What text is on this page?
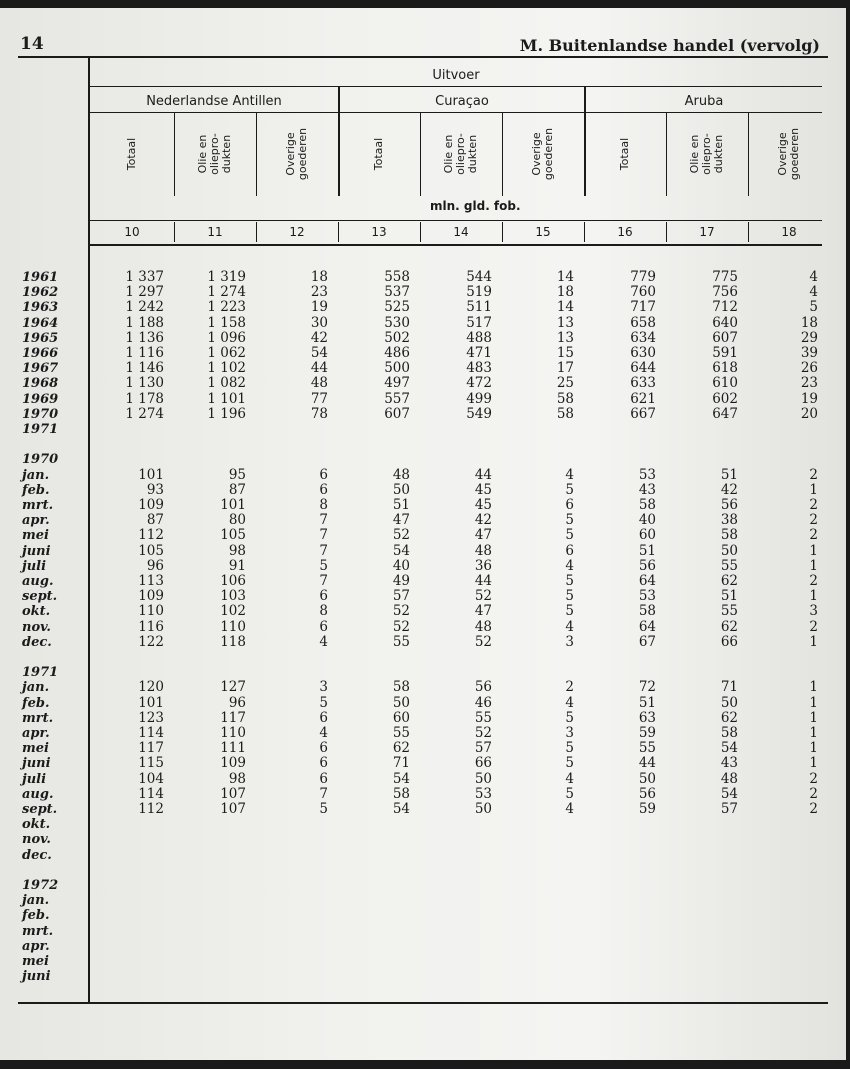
14	M. Buitenlandse handel (vervolg)
Uitvoer
Nederlandse Antillen	Curaçao	Aruba
Totaal	Olie en oliepro-dukten	Overige goederen	Totaal	Olie en oliepro-dukten	Overige goederen	Totaal	Olie en oliepro-dukten	Overige goederen
mln. gld. fob.
10	11	12	13	14	15	16	17	18
1961	1 337	1 319	18	558	544	14	779	775	4
1962	1 297	1 274	23	537	519	18	760	756	4
1963	1 242	1 223	19	525	511	14	717	712	5
1964	1 188	1 158	30	530	517	13	658	640	18
1965	1 136	1 096	42	502	488	13	634	607	29
1966	1 116	1 062	54	486	471	15	630	591	39
1967	1 146	1 102	44	500	483	17	644	618	26
1968	1 130	1 082	48	497	472	25	633	610	23
1969	1 178	1 101	77	557	499	58	621	602	19
1970	1 274	1 196	78	607	549	58	667	647	20
1971
1970
jan.	101	95	6	48	44	4	53	51	2
feb.	93	87	6	50	45	5	43	42	1
mrt.	109	101	8	51	45	6	58	56	2
apr.	87	80	7	47	42	5	40	38	2
mei	112	105	7	52	47	5	60	58	2
juni	105	98	7	54	48	6	51	50	1
juli	96	91	5	40	36	4	56	55	1
aug.	113	106	7	49	44	5	64	62	2
sept.	109	103	6	57	52	5	53	51	1
okt.	110	102	8	52	47	5	58	55	3
nov.	116	110	6	52	48	4	64	62	2
dec.	122	118	4	55	52	3	67	66	1
1971
jan.	120	127	3	58	56	2	72	71	1
feb.	101	96	5	50	46	4	51	50	1
mrt.	123	117	6	60	55	5	63	62	1
apr.	114	110	4	55	52	3	59	58	1
mei	117	111	6	62	57	5	55	54	1
juni	115	109	6	71	66	5	44	43	1
juli	104	98	6	54	50	4	50	48	2
aug.	114	107	7	58	53	5	56	54	2
sept.	112	107	5	54	50	4	59	57	2
okt.
nov.
dec.
1972
jan.
feb.
mrt.
apr.
mei
juni
